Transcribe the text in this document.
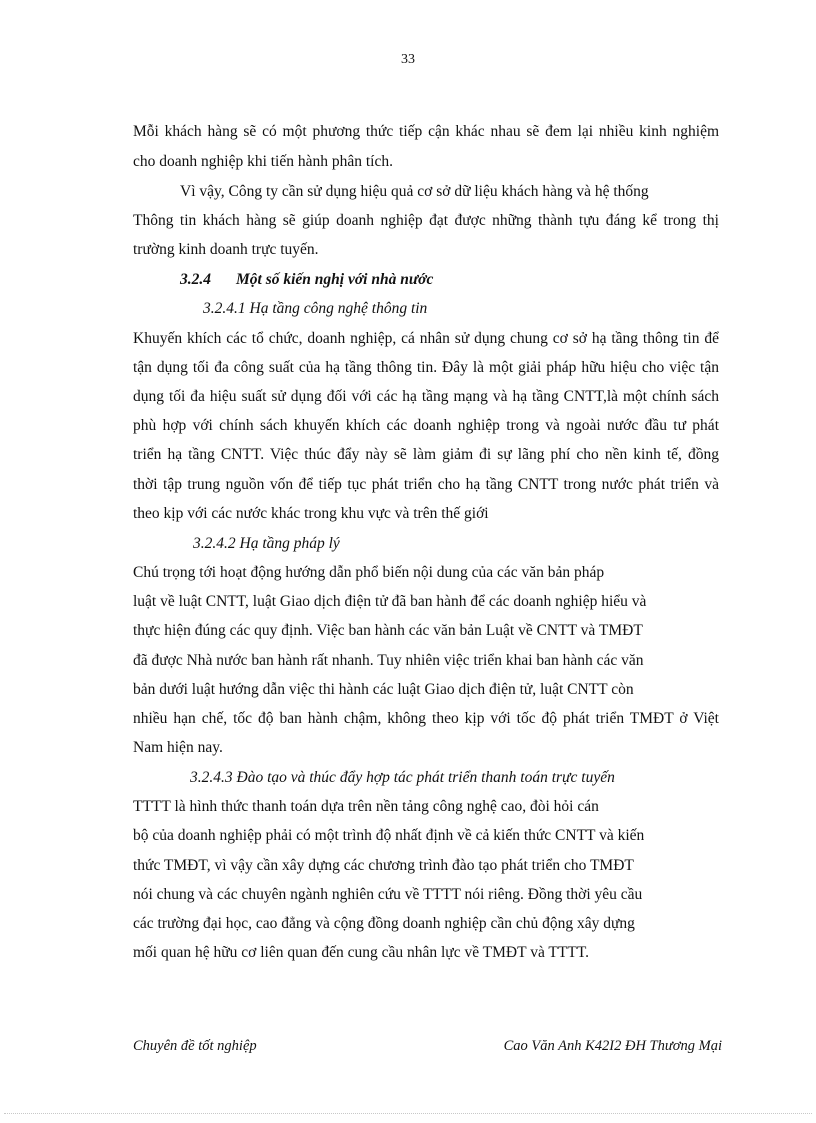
33
Mỗi khách hàng sẽ có một phương thức tiếp cận khác nhau sẽ đem lại nhiều kinh nghiệm
cho doanh nghiệp khi tiến hành phân tích.
Vì vậy, Công ty cần sử dụng hiệu quả cơ sở dữ liệu khách hàng và hệ thống
Thông tin khách hàng sẽ giúp doanh nghiệp đạt được những thành tựu đáng kể trong thị
trường kinh doanh trực tuyến.
3.2.4 Một số kiến nghị với nhà nước
3.2.4.1 Hạ tầng công nghệ thông tin
Khuyến khích các tổ chức, doanh nghiệp, cá nhân sử dụng chung cơ sở hạ tầng thông tin để
tận dụng tối đa công suất của hạ tầng thông tin. Đây là một giải pháp hữu hiệu cho việc tận
dụng tối đa hiệu suất sử dụng đối với các hạ tầng mạng và hạ tầng CNTT,là một chính sách
phù hợp với chính sách khuyến khích các doanh nghiệp trong và ngoài nước đầu tư phát
triển hạ tầng CNTT. Việc thúc đẩy này sẽ làm giảm đi sự lãng phí cho nền kinh tế, đồng
thời tập trung nguồn vốn để tiếp tục phát triển cho hạ tầng CNTT trong nước phát triển và
theo kịp với các nước khác trong khu vực và trên thế giới
3.2.4.2 Hạ tầng pháp lý
Chú trọng tới hoạt động hướng dẫn phổ biến nội dung của các văn bản pháp
luật về luật CNTT, luật Giao dịch điện tử đã ban hành để các doanh nghiệp hiểu và
thực hiện đúng các quy định. Việc ban hành các văn bản Luật về CNTT và TMĐT
đã được Nhà nước ban hành rất nhanh. Tuy nhiên việc triển khai ban hành các văn
bản dưới luật hướng dẫn việc thi hành các luật Giao dịch điện tử, luật CNTT còn
nhiều hạn chế, tốc độ ban hành chậm, không theo kịp với tốc độ phát triển TMĐT ở Việt
Nam hiện nay.
3.2.4.3 Đào tạo và thúc đẩy hợp tác phát triển thanh toán trực tuyến
TTTT là hình thức thanh toán dựa trên nền tảng công nghệ cao, đòi hỏi cán
bộ của doanh nghiệp phải có một trình độ nhất định về cả kiến thức CNTT và kiến
thức TMĐT, vì vậy cần xây dựng các chương trình đào tạo phát triển cho TMĐT
nói chung và các chuyên ngành nghiên cứu về TTTT nói riêng. Đồng thời yêu cầu
các trường đại học, cao đẳng và cộng đồng doanh nghiệp cần chủ động xây dựng
mối quan hệ hữu cơ liên quan đến cung cầu nhân lực về TMĐT và TTTT.
Chuyên đề tốt nghiệp	Cao Văn Anh K42I2 ĐH Thương Mại
